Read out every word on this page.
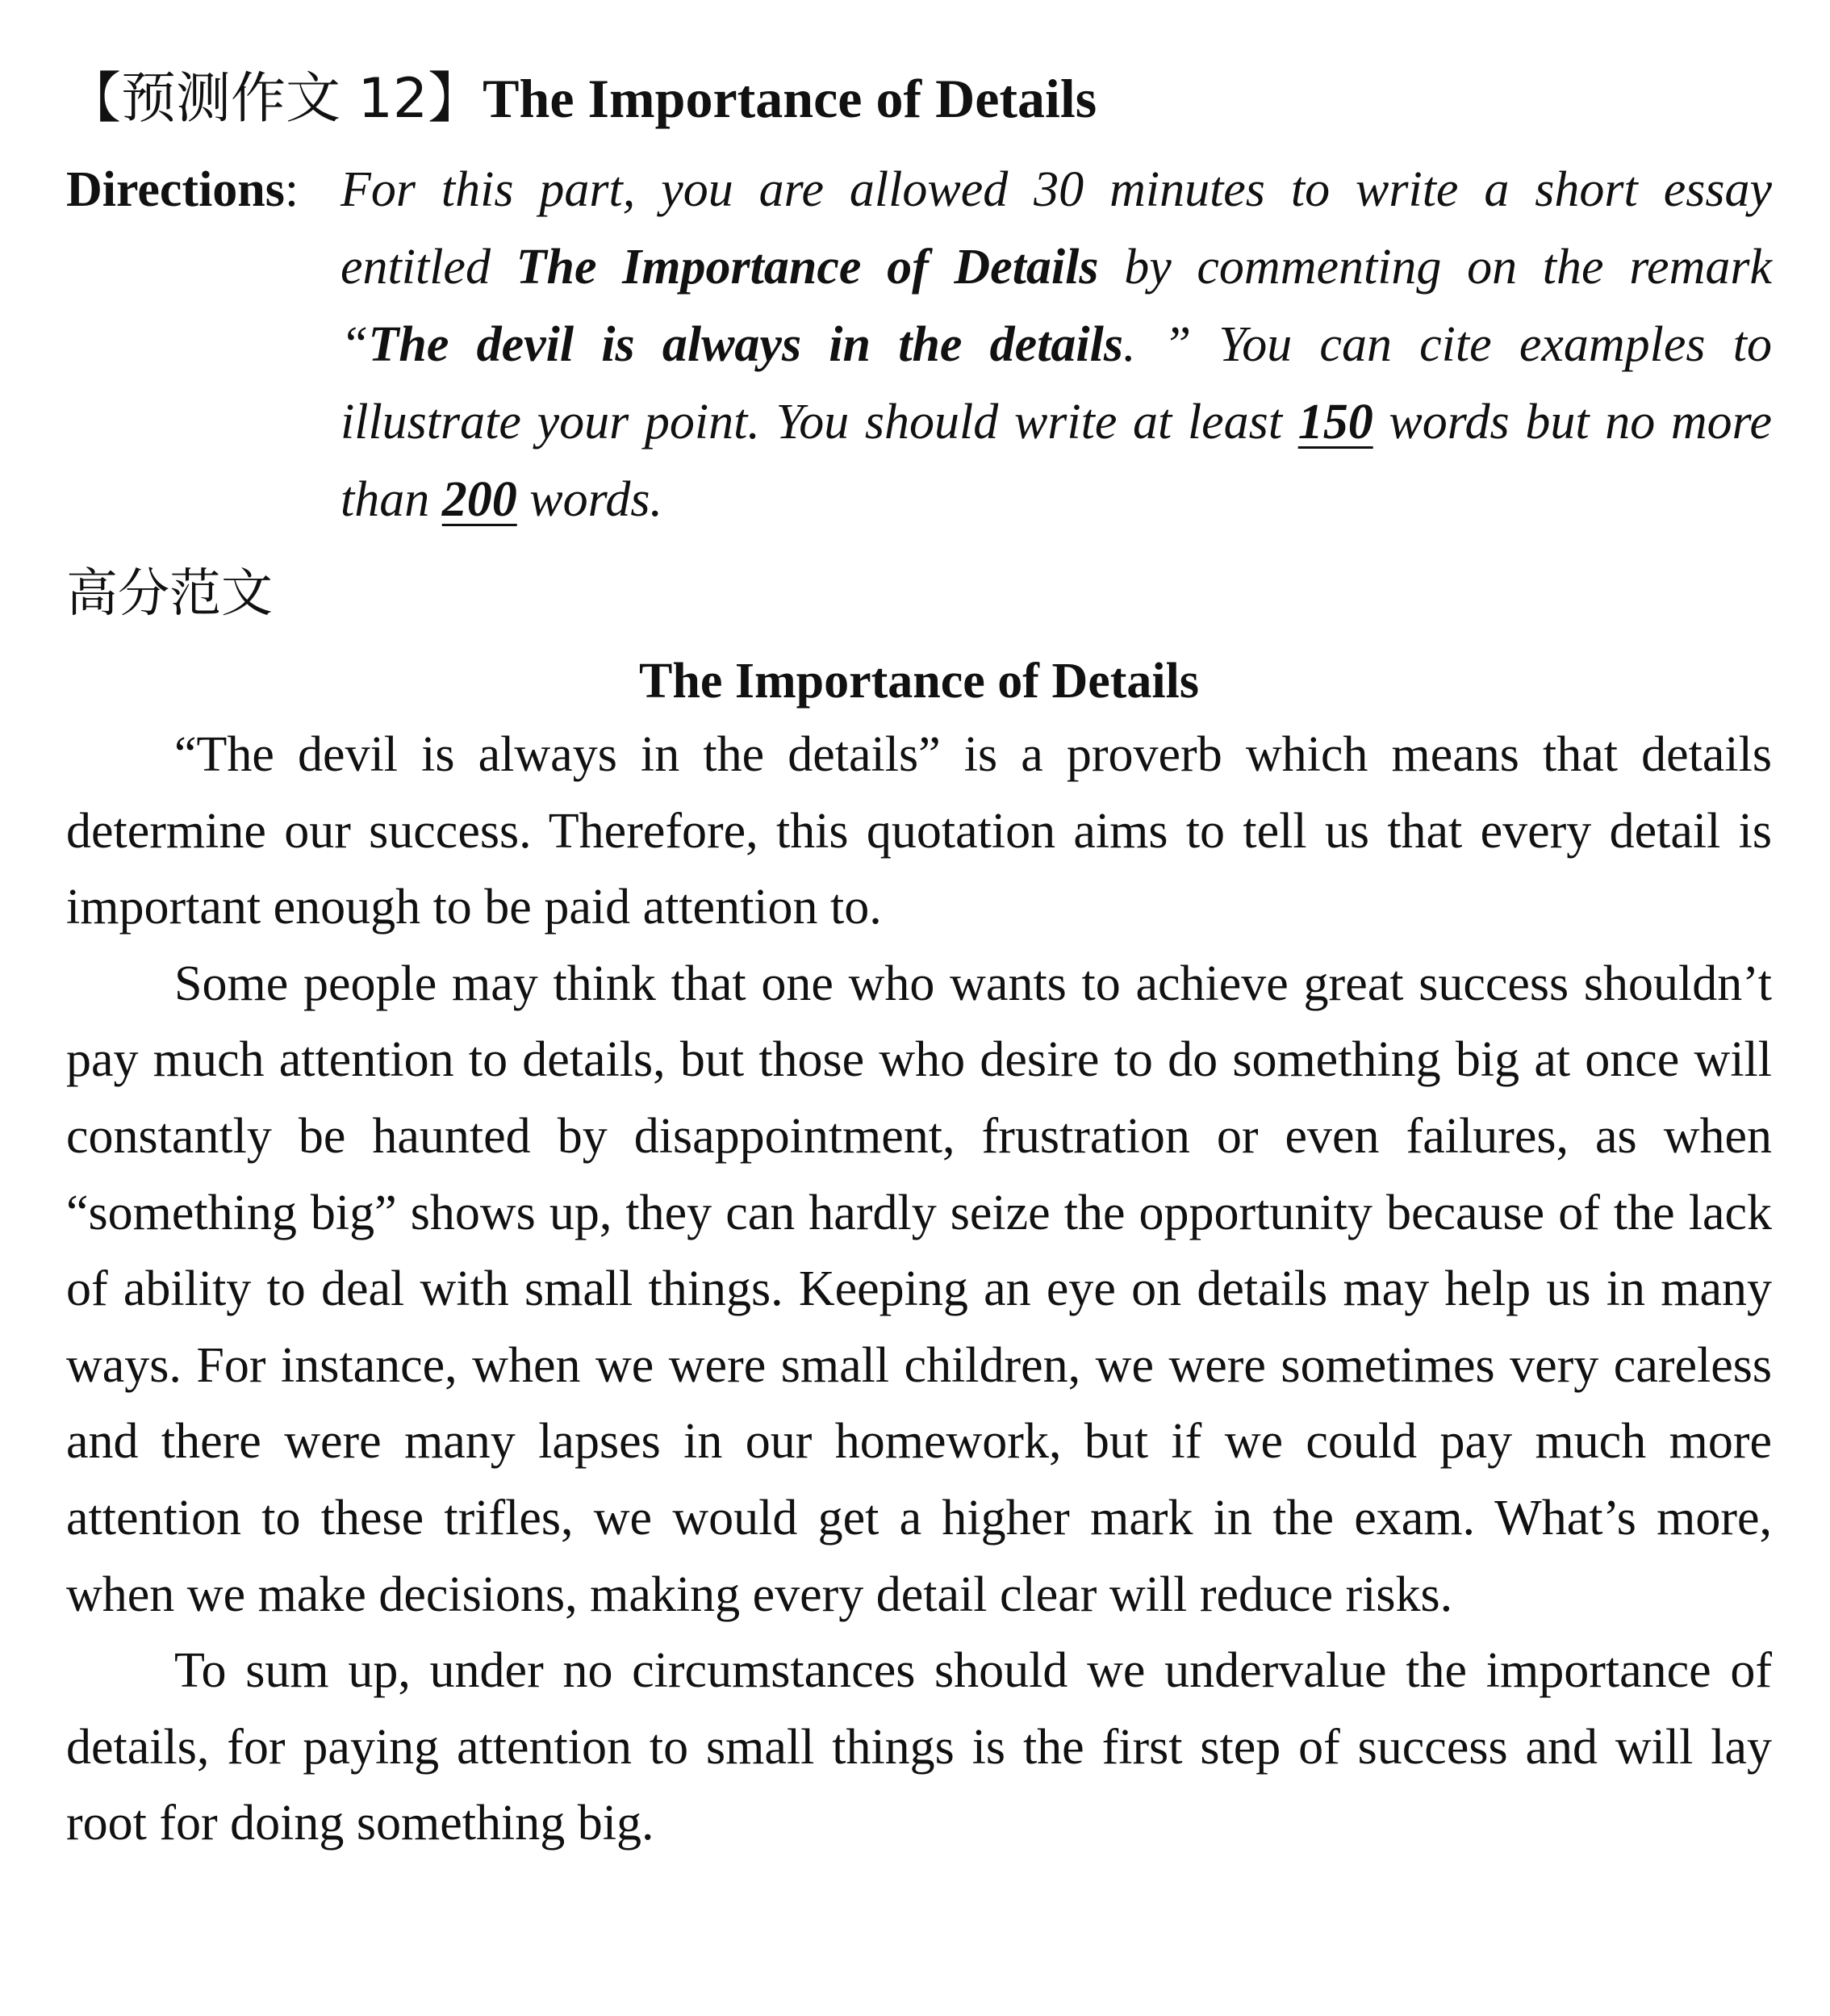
【预测作文 12】The Importance of Details
Directions: For this part, you are allowed 30 minutes to write a short essay entitled The Importance of Details by commenting on the remark “The devil is always in the details. ” You can cite examples to illustrate your point. You should write at least 150 words but no more than 200 words.
高分范文
The Importance of Details

“The devil is always in the details” is a proverb which means that details determine our success. Therefore, this quotation aims to tell us that every detail is important enough to be paid attention to.

Some people may think that one who wants to achieve great success shouldn’t pay much attention to details, but those who desire to do something big at once will constantly be haunted by disappointment, frustration or even failures, as when “something big” shows up, they can hardly seize the opportunity because of the lack of ability to deal with small things. Keeping an eye on details may help us in many ways. For instance, when we were small children, we were sometimes very careless and there were many lapses in our homework, but if we could pay much more attention to these trifles, we would get a higher mark in the exam. What’s more, when we make decisions, making every detail clear will reduce risks.

To sum up, under no circumstances should we undervalue the importance of details, for paying attention to small things is the first step of success and will lay root for doing something big.
